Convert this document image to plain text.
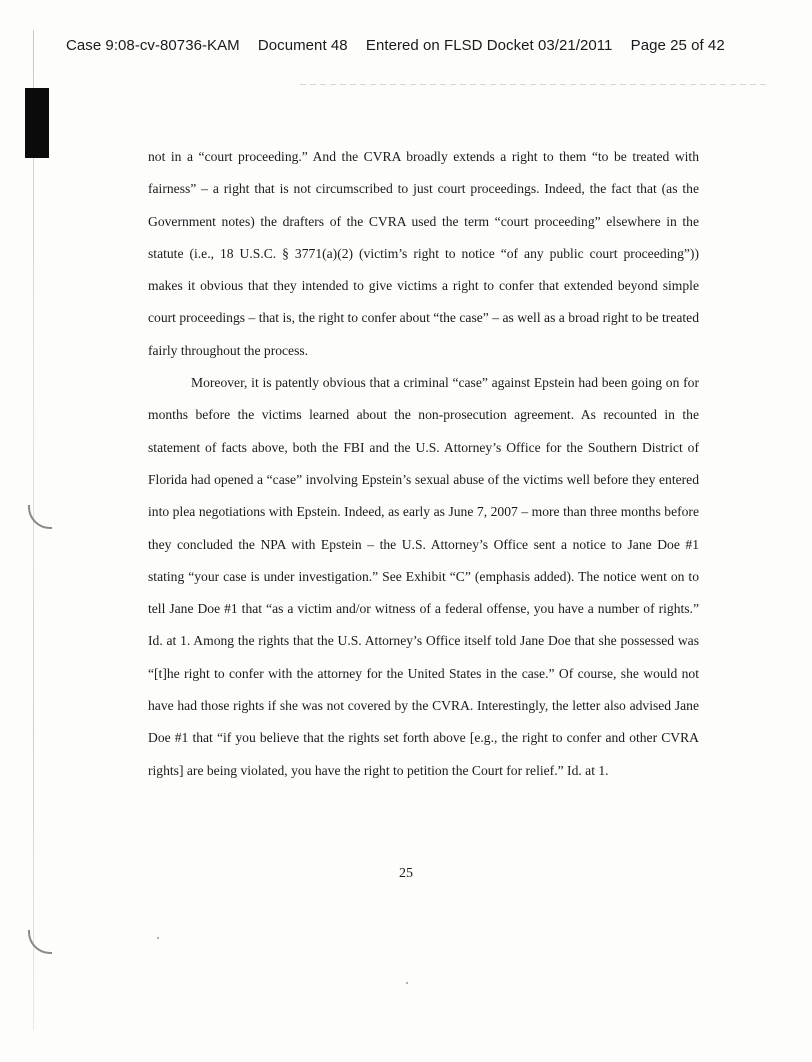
Case 9:08-cv-80736-KAM Document 48 Entered on FLSD Docket 03/21/2011 Page 25 of 42

not in a “court proceeding.” And the CVRA broadly extends a right to them “to be treated with fairness” – a right that is not circumscribed to just court proceedings. Indeed, the fact that (as the Government notes) the drafters of the CVRA used the term “court proceeding” elsewhere in the statute (i.e., 18 U.S.C. § 3771(a)(2) (victim’s right to notice “of any public court proceeding”)) makes it obvious that they intended to give victims a right to confer that extended beyond simple court proceedings – that is, the right to confer about “the case” – as well as a broad right to be treated fairly throughout the process.

Moreover, it is patently obvious that a criminal “case” against Epstein had been going on for months before the victims learned about the non-prosecution agreement. As recounted in the statement of facts above, both the FBI and the U.S. Attorney’s Office for the Southern District of Florida had opened a “case” involving Epstein’s sexual abuse of the victims well before they entered into plea negotiations with Epstein. Indeed, as early as June 7, 2007 – more than three months before they concluded the NPA with Epstein – the U.S. Attorney’s Office sent a notice to Jane Doe #1 stating “your case is under investigation.” See Exhibit “C” (emphasis added). The notice went on to tell Jane Doe #1 that “as a victim and/or witness of a federal offense, you have a number of rights.” Id. at 1. Among the rights that the U.S. Attorney’s Office itself told Jane Doe that she possessed was “[t]he right to confer with the attorney for the United States in the case.” Of course, she would not have had those rights if she was not covered by the CVRA. Interestingly, the letter also advised Jane Doe #1 that “if you believe that the rights set forth above [e.g., the right to confer and other CVRA rights] are being violated, you have the right to petition the Court for relief.” Id. at 1.

25
